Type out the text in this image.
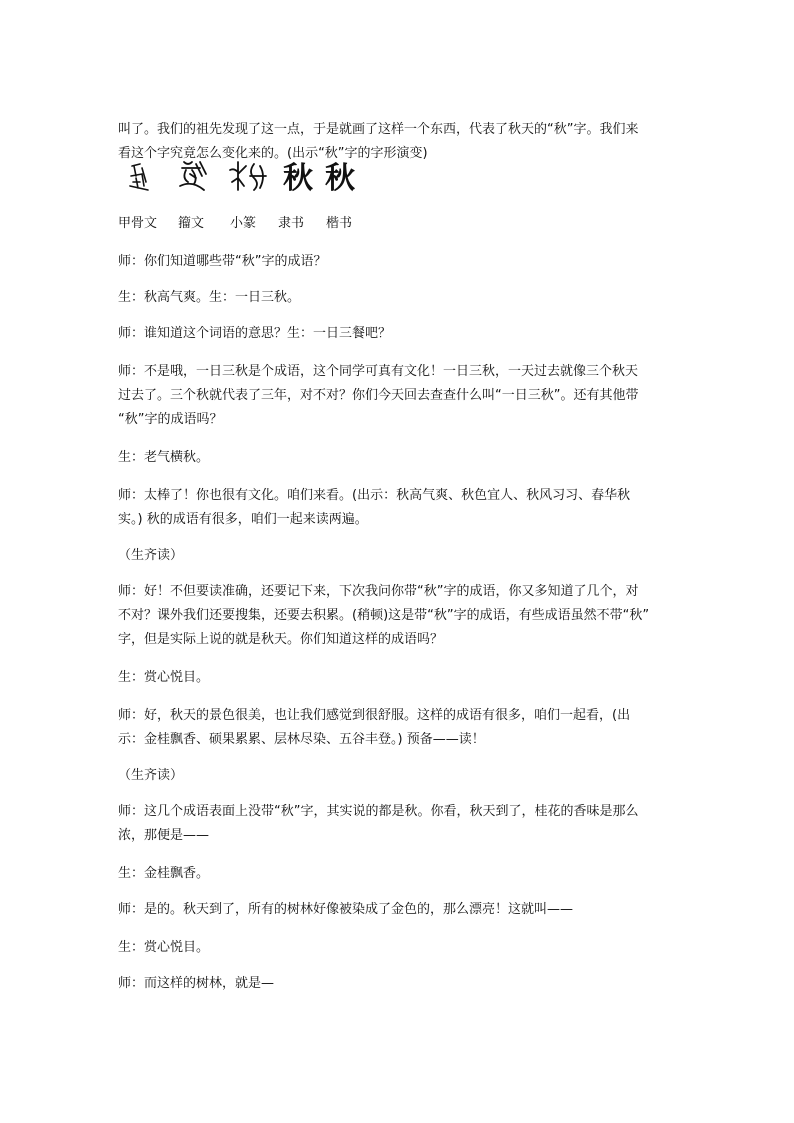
叫了。我们的祖先发现了这一点，于是就画了这样一个东西，代表了秋天的“秋”字。我们来
看这个字究竟怎么变化来的。(出示“秋”字的字形演变)

秋 秋
甲骨文 籀文 小篆 隶书 楷书

师：你们知道哪些带“秋”字的成语？

生：秋高气爽。生：一日三秋。

师：谁知道这个词语的意思？生：一日三餐吧？

师：不是哦，一日三秋是个成语，这个同学可真有文化！一日三秋，一天过去就像三个秋天
过去了。三个秋就代表了三年，对不对？你们今天回去查查什么叫“一日三秋”。还有其他带
“秋”字的成语吗？

生：老气横秋。

师：太棒了！你也很有文化。咱们来看。(出示：秋高气爽、秋色宜人、秋风习习、春华秋
实。) 秋的成语有很多，咱们一起来读两遍。

（生齐读）

师：好！不但要读准确，还要记下来，下次我问你带“秋”字的成语，你又多知道了几个，对
不对？课外我们还要搜集，还要去积累。(稍顿)这是带“秋”字的成语，有些成语虽然不带“秋”
字，但是实际上说的就是秋天。你们知道这样的成语吗？

生：赏心悦目。

师：好，秋天的景色很美，也让我们感觉到很舒服。这样的成语有很多，咱们一起看，(出
示：金桂飘香、硕果累累、层林尽染、五谷丰登。) 预备——读！

（生齐读）

师：这几个成语表面上没带“秋”字，其实说的都是秋。你看，秋天到了，桂花的香味是那么
浓，那便是——

生：金桂飘香。

师：是的。秋天到了，所有的树林好像被染成了金色的，那么漂亮！这就叫——

生：赏心悦目。

师：而这样的树林，就是—
